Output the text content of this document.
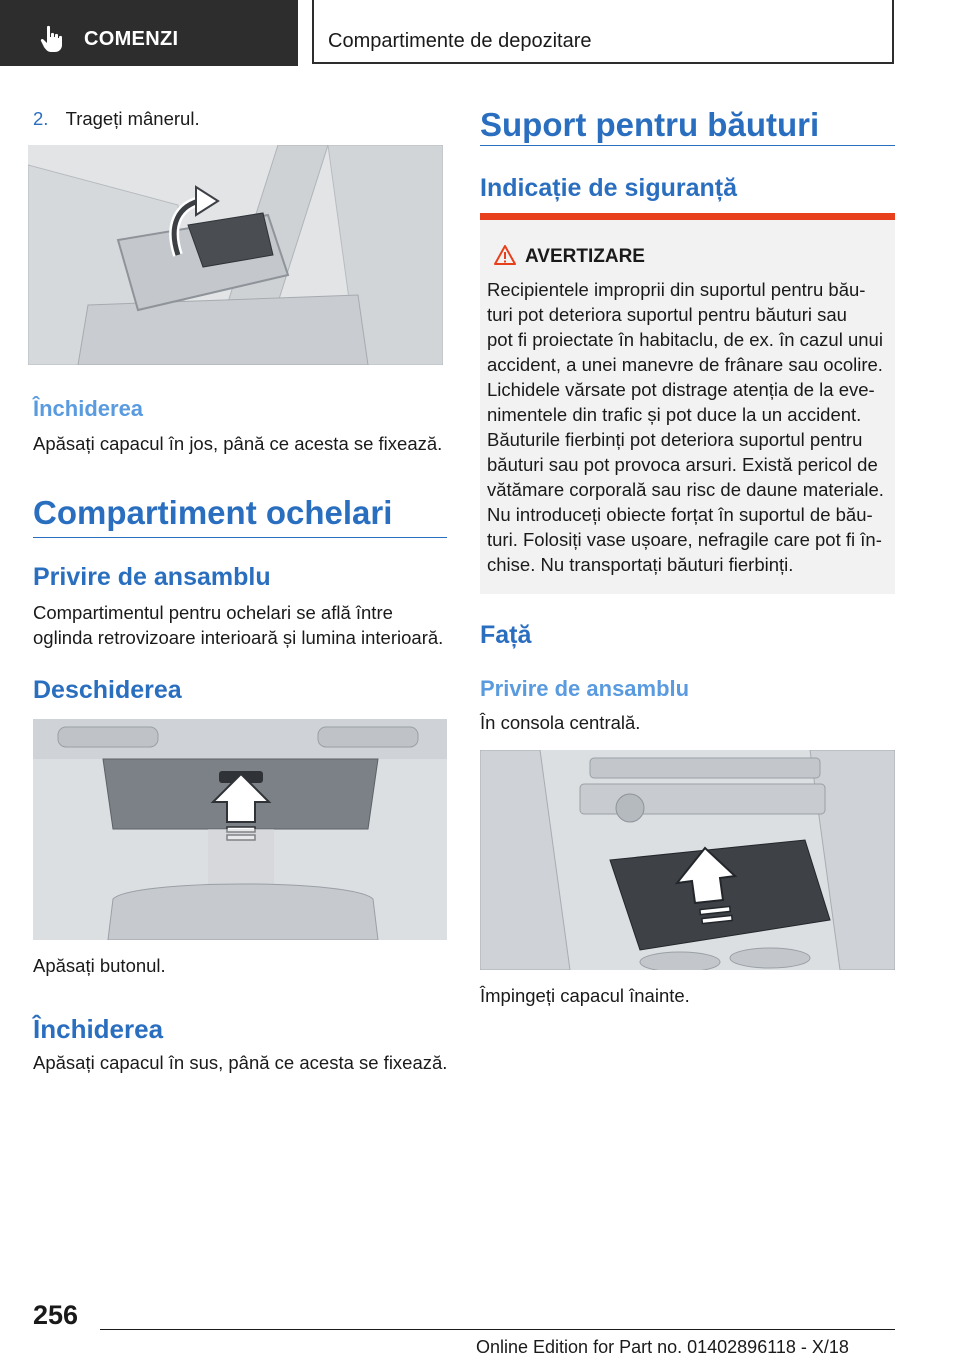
COMENZI	Compartimente de depozitare
2. Trageți mânerul.
Închiderea
Apăsați capacul în jos, până ce acesta se fixează.
Compartiment ochelari
Privire de ansamblu
Compartimentul pentru ochelari se află între
oglinda retrovizoare interioară și lumina interioară.
Deschiderea
Apăsați butonul.
Închiderea
Apăsați capacul în sus, până ce acesta se fixează.
Suport pentru băuturi
Indicație de siguranță
AVERTIZARE
Recipientele improprii din suportul pentru bău-
turi pot deteriora suportul pentru băuturi sau
pot fi proiectate în habitaclu, de ex. în cazul unui
accident, a unei manevre de frânare sau ocolire.
Lichidele vărsate pot distrage atenția de la eve-
nimentele din trafic și pot duce la un accident.
Băuturile fierbinți pot deteriora suportul pentru
băuturi sau pot provoca arsuri. Există pericol de
vătămare corporală sau risc de daune materiale.
Nu introduceți obiecte forțat în suportul de bău-
turi. Folosiți vase ușoare, nefragile care pot fi în-
chise. Nu transportați băuturi fierbinți.
Față
Privire de ansamblu
În consola centrală.
Împingeți capacul înainte.
256
Online Edition for Part no. 01402896118 - X/18
